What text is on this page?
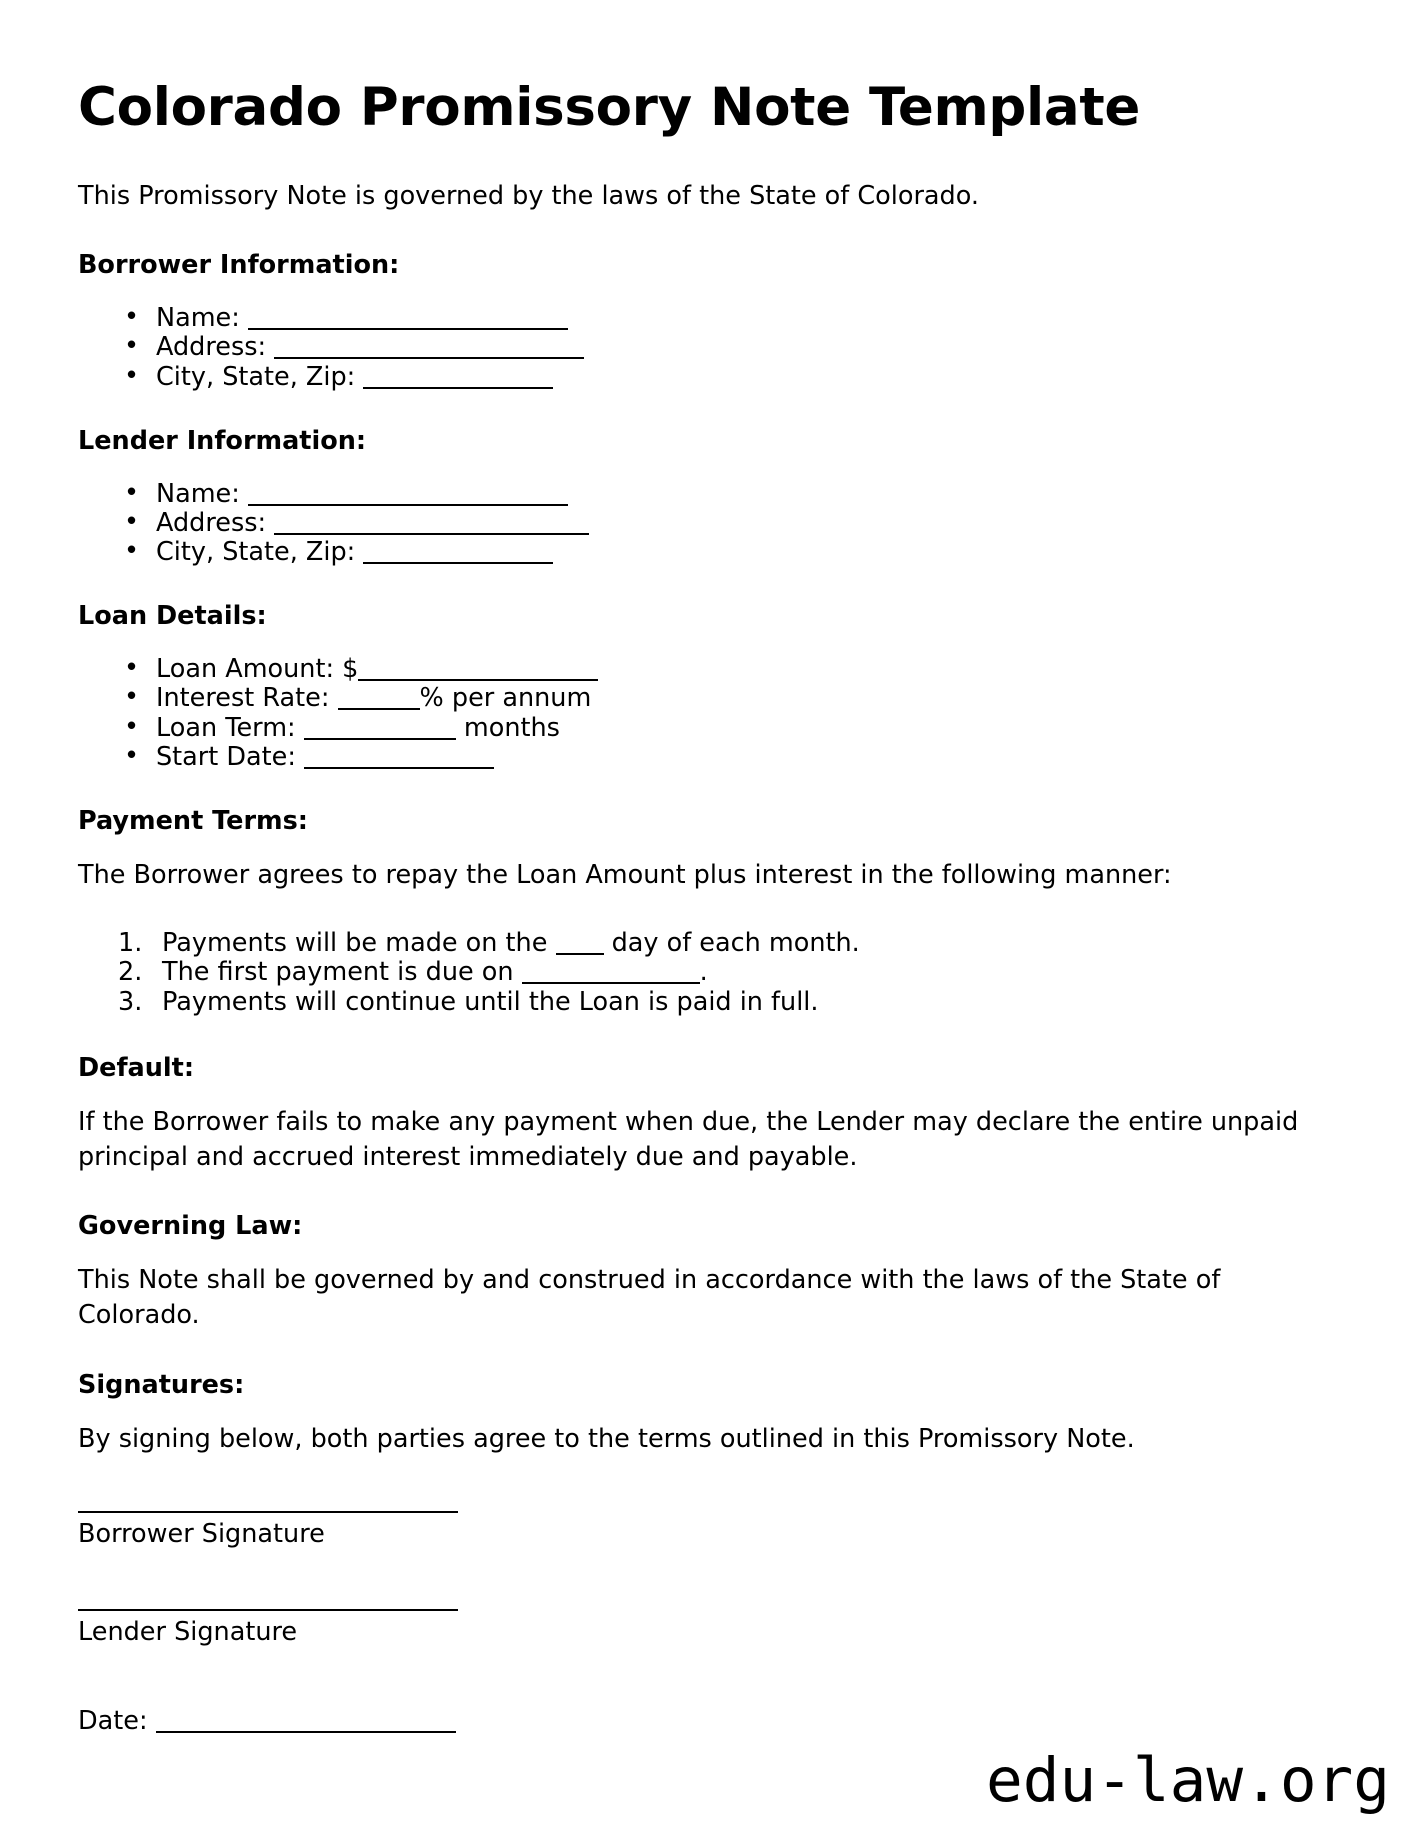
Colorado Promissory Note Template

This Promissory Note is governed by the laws of the State of Colorado.

Borrower Information:
• Name:
• Address:
• City, State, Zip:
Lender Information:
• Name:
• Address:
• City, State, Zip:
Loan Details:
• Loan Amount: $
• Interest Rate:	% per annum
• Loan Term:	months
• Start Date:
Payment Terms:

The Borrower agrees to repay the Loan Amount plus interest in the following manner:

Payments will be made on the  day of each month.
The first payment is due on	.
Payments will continue until the Loan is paid in full.
Default:

If the Borrower fails to make any payment when due, the Lender may declare the entire unpaid principal and accrued interest immediately due and payable.

Governing Law:

This Note shall be governed by and construed in accordance with the laws of the State of Colorado.

Signatures:

By signing below, both parties agree to the terms outlined in this Promissory Note.

Borrower Signature

Lender Signature

Date:
edu-law.org
